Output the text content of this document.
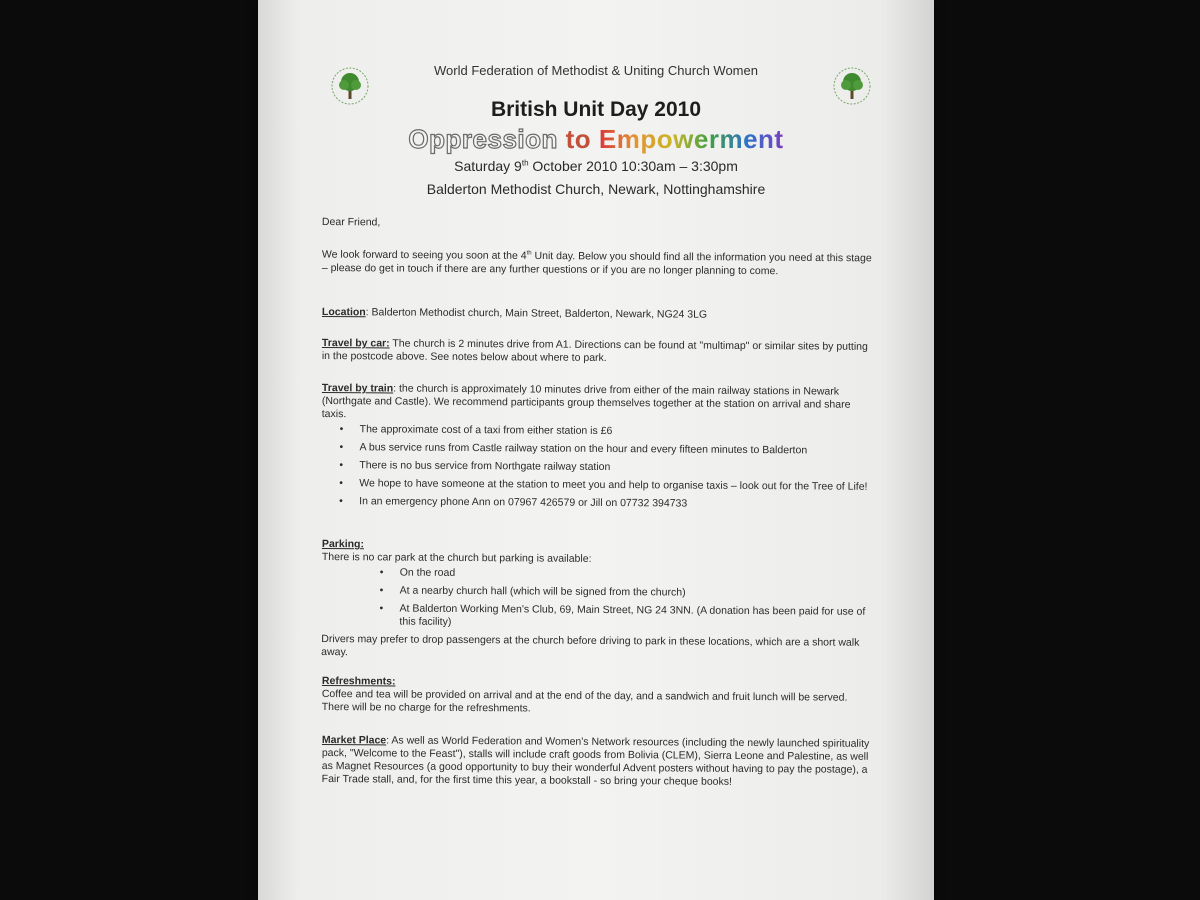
World Federation of Methodist & Uniting Church Women
British Unit Day 2010
Oppression to Empowerment
Saturday 9th October 2010 10:30am – 3:30pm
Balderton Methodist Church, Newark, Nottinghamshire
Dear Friend,
We look forward to seeing you soon at the 4th Unit day. Below you should find all the information you need at this stage – please do get in touch if there are any further questions or if you are no longer planning to come.
Location: Balderton Methodist church, Main Street, Balderton, Newark, NG24 3LG
Travel by car: The church is 2 minutes drive from A1. Directions can be found at "multimap" or similar sites by putting in the postcode above. See notes below about where to park.
Travel by train: the church is approximately 10 minutes drive from either of the main railway stations in Newark (Northgate and Castle). We recommend participants group themselves together at the station on arrival and share taxis.
• The approximate cost of a taxi from either station is £6
• A bus service runs from Castle railway station on the hour and every fifteen minutes to Balderton
• There is no bus service from Northgate railway station
• We hope to have someone at the station to meet you and help to organise taxis – look out for the Tree of Life!
• In an emergency phone Ann on 07967 426579 or Jill on 07732 394733
Parking:
There is no car park at the church but parking is available:
• On the road
• At a nearby church hall (which will be signed from the church)
• At Balderton Working Men's Club, 69, Main Street, NG 24 3NN. (A donation has been paid for use of this facility)
Drivers may prefer to drop passengers at the church before driving to park in these locations, which are a short walk away.
Refreshments:
Coffee and tea will be provided on arrival and at the end of the day, and a sandwich and fruit lunch will be served. There will be no charge for the refreshments.
Market Place: As well as World Federation and Women's Network resources (including the newly launched spirituality pack, "Welcome to the Feast"), stalls will include craft goods from Bolivia (CLEM), Sierra Leone and Palestine, as well as Magnet Resources (a good opportunity to buy their wonderful Advent posters without having to pay the postage), a Fair Trade stall, and, for the first time this year, a bookstall - so bring your cheque books!
